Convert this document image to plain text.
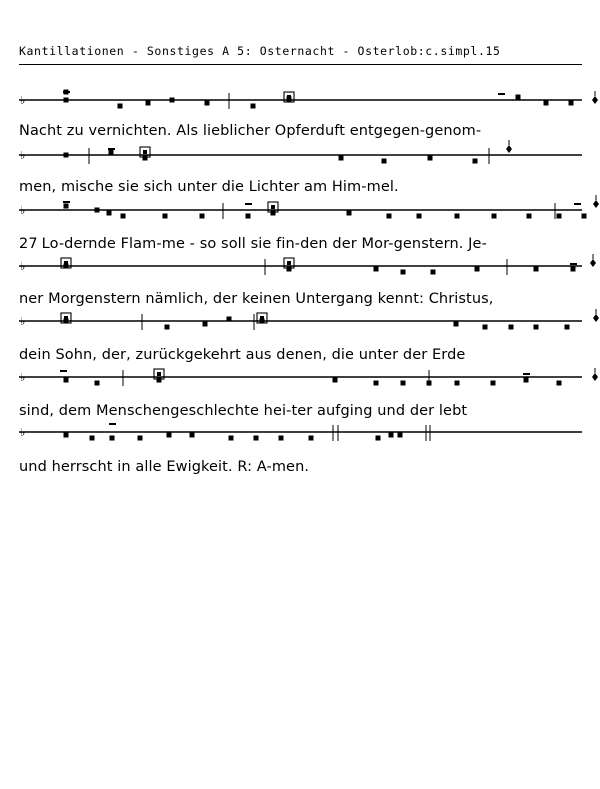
Kantillationen - Sonstiges A 5: Osternacht - Osterlob:c.simpl.15
♭
Nacht zu vernichten. Als lieblicher Opferduft entgegen-genom-
♭
men, mische sie sich unter die Lichter am Him-mel.
♭
27 Lo-dernde Flam-me - so soll sie fin-den der Mor-genstern. Je-
♭
ner Morgenstern nämlich, der keinen Untergang kennt: Christus,
♭
dein Sohn, der, zurückgekehrt aus denen, die unter der Erde
♭
sind, dem Menschengeschlechte hei-ter aufging und der lebt
♭
und herrscht in alle Ewigkeit. R: A-men.
